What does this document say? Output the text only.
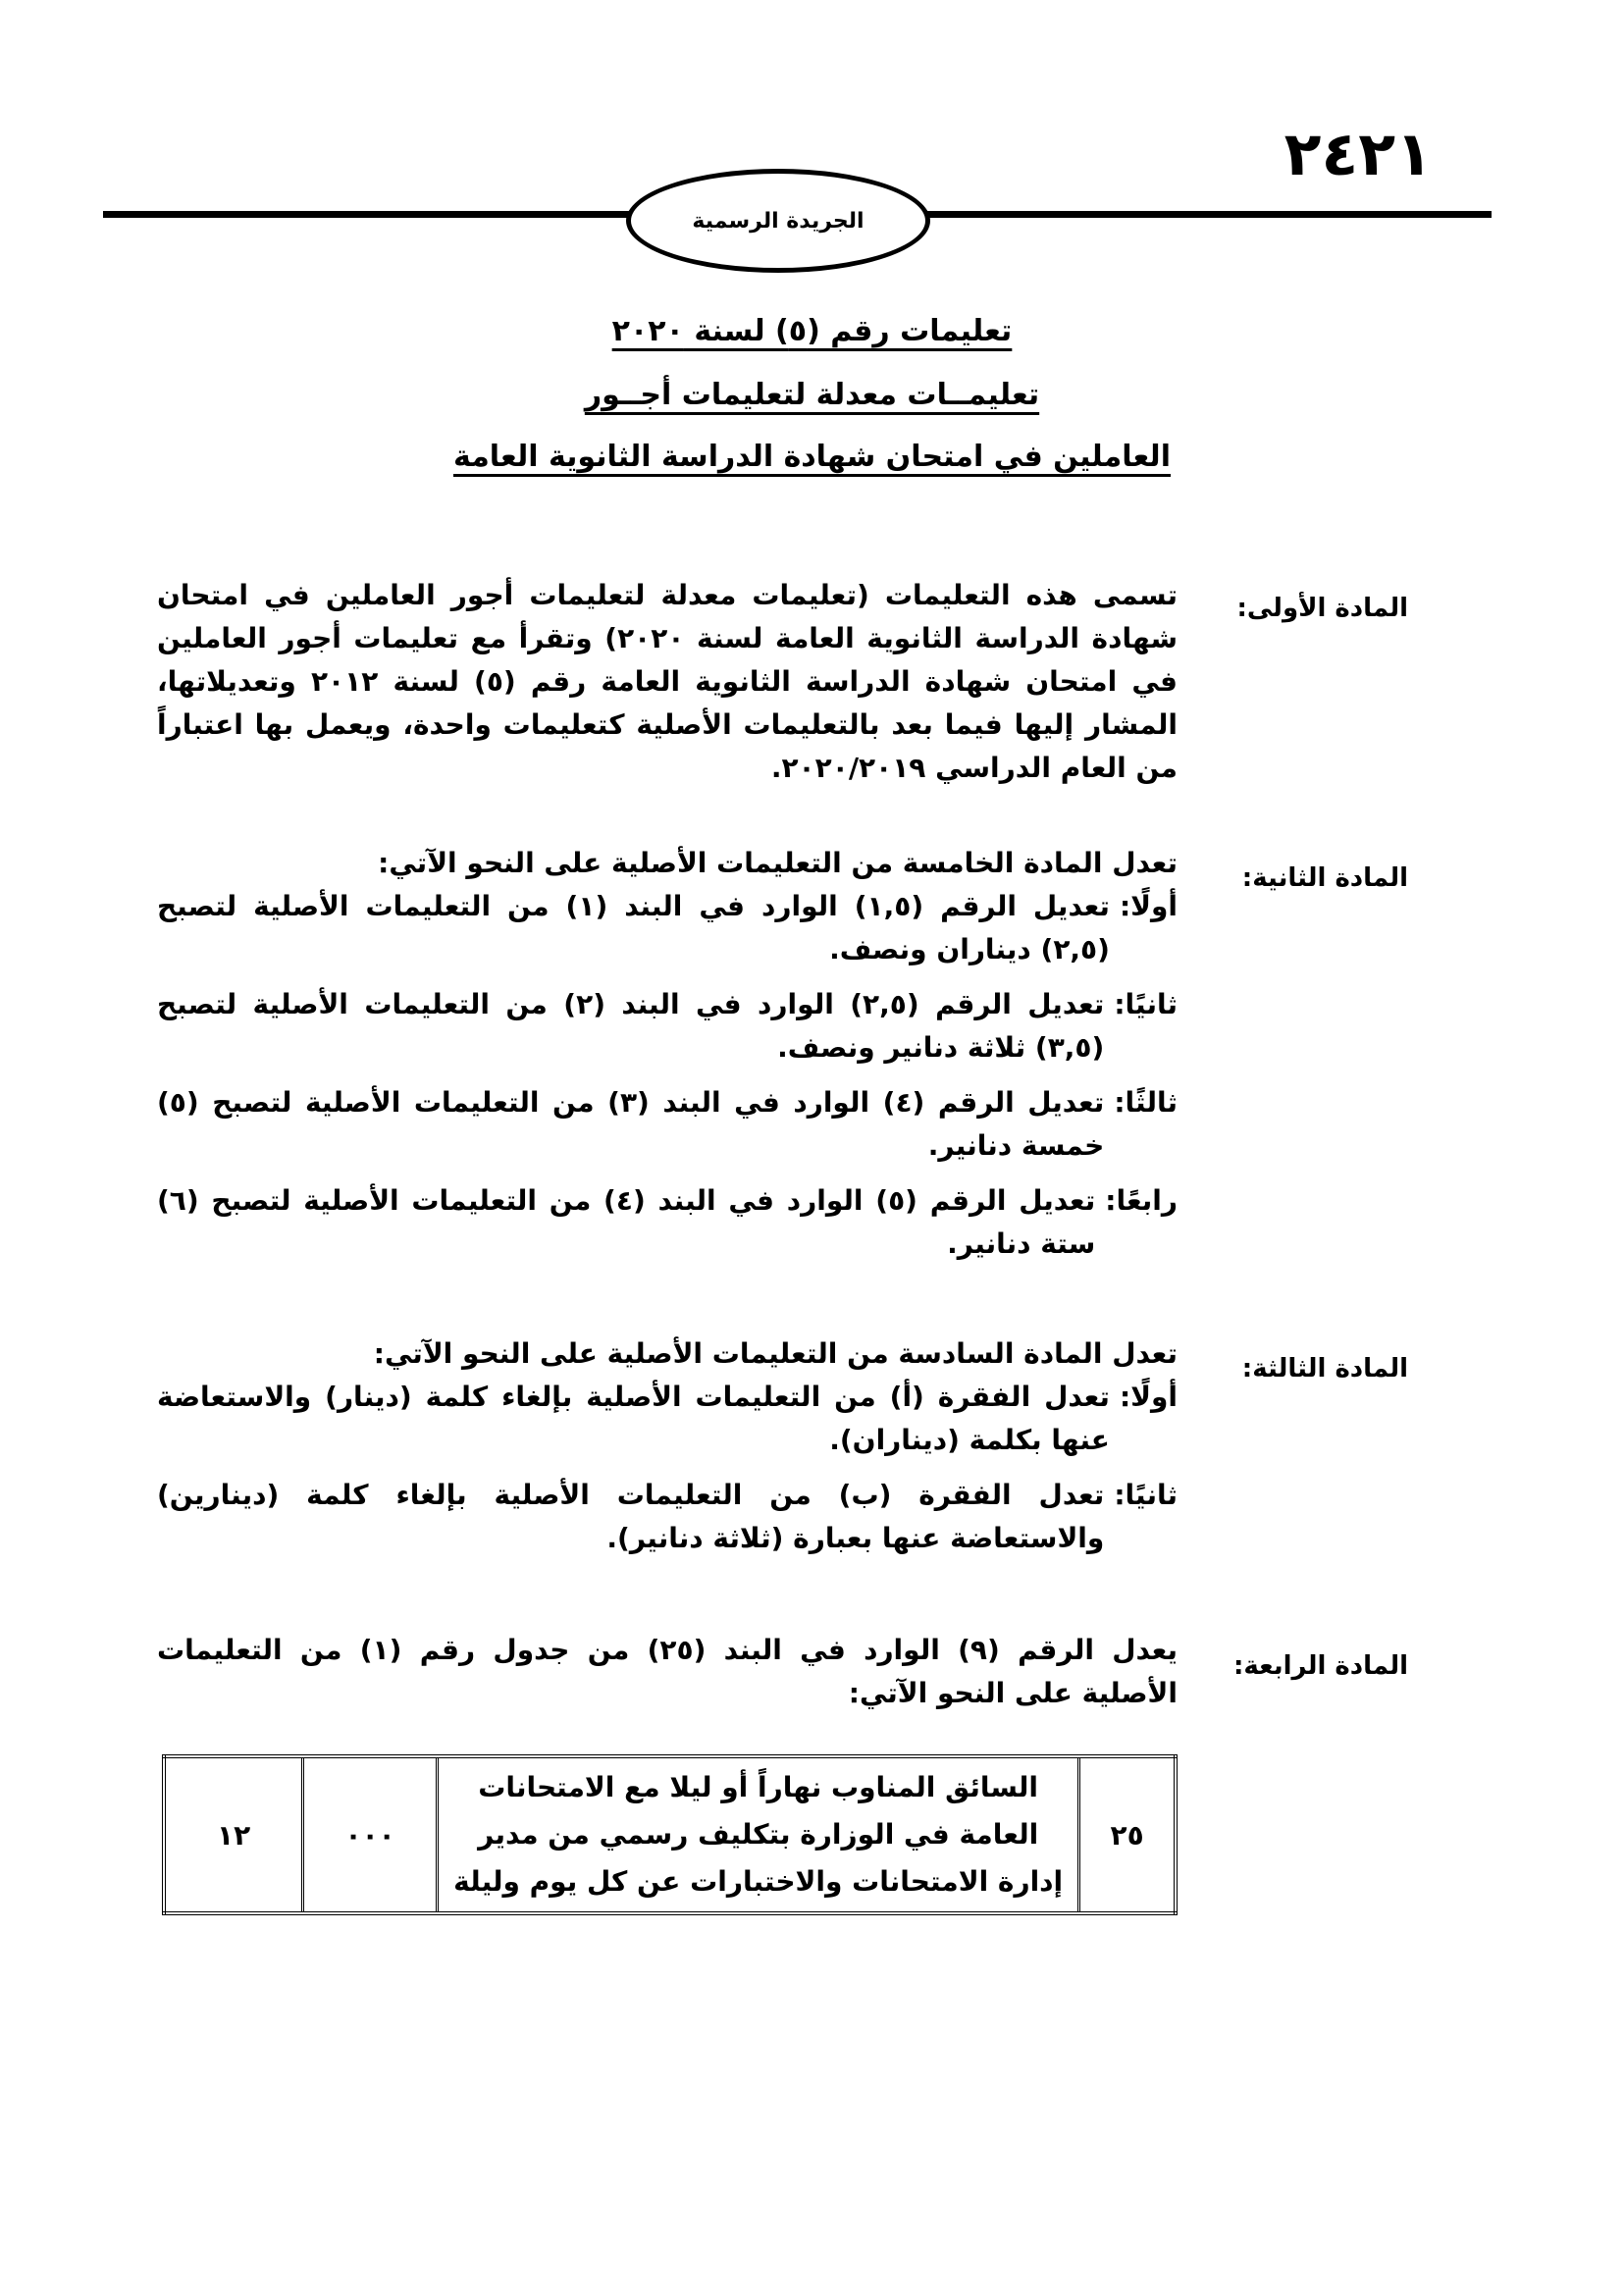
٢٤٢١
الجريدة الرسمية
تعليمات رقم (٥) لسنة ٢٠٢٠
تعليمــات معدلة لتعليمات أجــور
العاملين في امتحان شهادة الدراسة الثانوية العامة
المادة الأولى:

تسمى هذه التعليمات (تعليمات معدلة لتعليمات أجور العاملين في امتحان شهادة الدراسة الثانوية العامة لسنة ٢٠٢٠) وتقرأ مع تعليمات أجور العاملين في امتحان شهادة الدراسة الثانوية العامة رقم (٥) لسنة ٢٠١٢ وتعديلاتها، المشار إليها فيما بعد بالتعليمات الأصلية كتعليمات واحدة، ويعمل بها اعتباراً من العام الدراسي ٢٠٢٠/٢٠١٩.

المادة الثانية:

تعدل المادة الخامسة من التعليمات الأصلية على النحو الآتي:

أولًا:
تعديل الرقم (١,٥) الوارد في البند (١) من التعليمات الأصلية لتصبح (٢,٥) ديناران ونصف.
ثانيًا:
تعديل الرقم (٢,٥) الوارد في البند (٢) من التعليمات الأصلية لتصبح (٣,٥) ثلاثة دنانير ونصف.
ثالثًا:
تعديل الرقم (٤) الوارد في البند (٣) من التعليمات الأصلية لتصبح (٥) خمسة دنانير.
رابعًا:
تعديل الرقم (٥) الوارد في البند (٤) من التعليمات الأصلية لتصبح (٦) ستة دنانير.
المادة الثالثة:

تعدل المادة السادسة من التعليمات الأصلية على النحو الآتي:

أولًا:
تعدل الفقرة (أ) من التعليمات الأصلية بإلغاء كلمة (دينار) والاستعاضة عنها بكلمة (ديناران).
ثانيًا:
تعدل الفقرة (ب) من التعليمات الأصلية بإلغاء كلمة (دينارين) والاستعاضة عنها بعبارة (ثلاثة دنانير).
المادة الرابعة:

يعدل الرقم (٩) الوارد في البند (٢٥) من جدول رقم (١) من التعليمات الأصلية على النحو الآتي:

٢٥	السائق المناوب نهاراً أو ليلا مع الامتحانات العامة في الوزارة بتكليف رسمي من مدير إدارة الامتحانات والاختبارات عن كل يوم وليلة	٠٠٠	١٢
